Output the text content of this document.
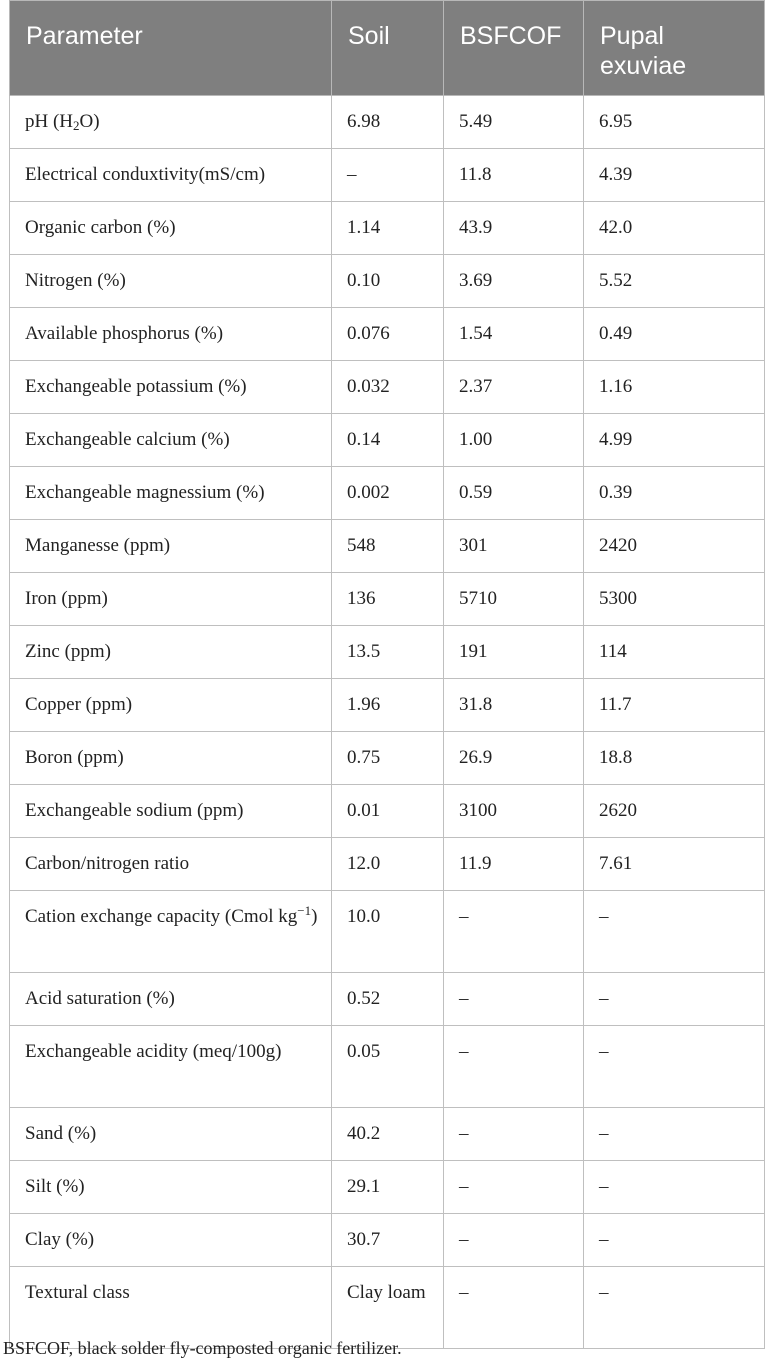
Parameter	Soil	BSFCOF	Pupal exuviae
pH $(H_2O)$	6.98	5.49	6.95
Electrical conduxtivity(mS/cm)	–	11.8	4.39
Organic carbon (%)	1.14	43.9	42.0
Nitrogen (%)	0.10	3.69	5.52
Available phosphorus (%)	0.076	1.54	0.49
Exchangeable potassium (%)	0.032	2.37	1.16
Exchangeable calcium (%)	0.14	1.00	4.99
Exchangeable magnessium (%)	0.002	0.59	0.39
Manganesse (ppm)	548	301	2420
Iron (ppm)	136	5710	5300
Zinc (ppm)	13.5	191	114
Copper (ppm)	1.96	31.8	11.7
Boron (ppm)	0.75	26.9	18.8
Exchangeable sodium (ppm)	0.01	3100	2620
Carbon/nitrogen ratio	12.0	11.9	7.61
Cation exchange capacity (Cmol $kg^{-1}$)	10.0	–	–
Acid saturation (%)	0.52	–	–
Exchangeable acidity (meq/100g)	0.05	–	–
Sand (%)	40.2	–	–
Silt (%)	29.1	–	–
Clay (%)	30.7	–	–
Textural class	Clay loam	–	–
BSFCOF, black solder fly-composted organic fertilizer.
